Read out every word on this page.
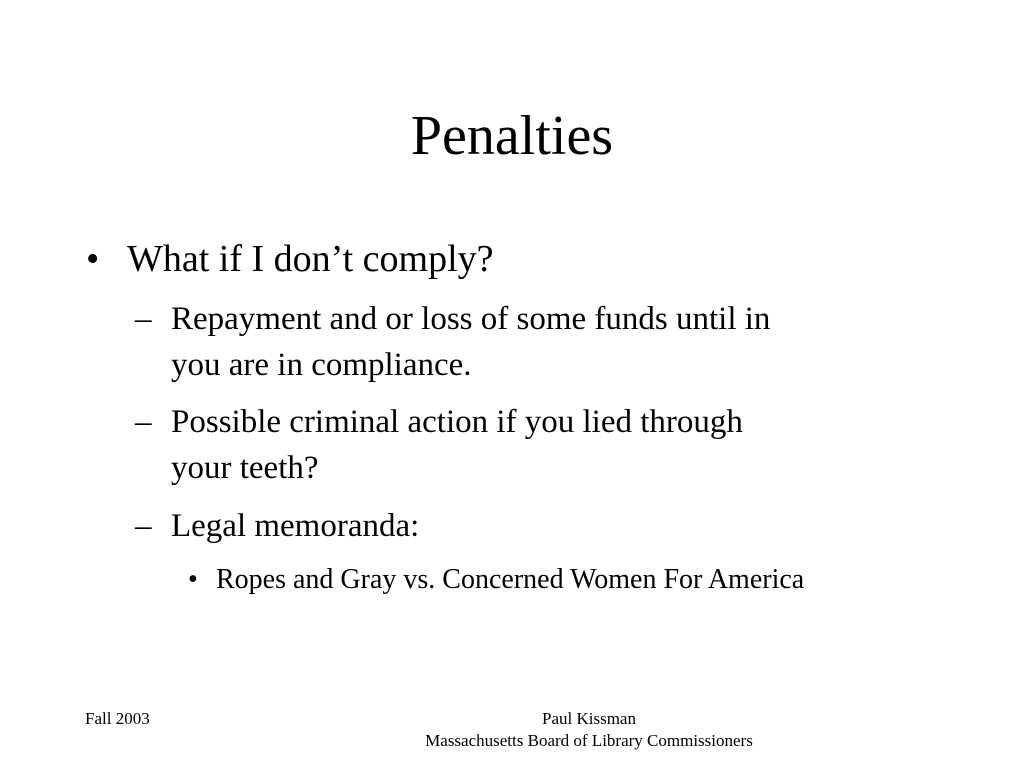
Penalties
• What if I don’t comply?
– Repayment and or loss of some funds until in
you are in compliance.
– Possible criminal action if you lied through
your teeth?
– Legal memoranda:
• Ropes and Gray vs. Concerned Women For America
Fall 2003	Paul Kissman
Massachusetts Board of Library Commissioners
